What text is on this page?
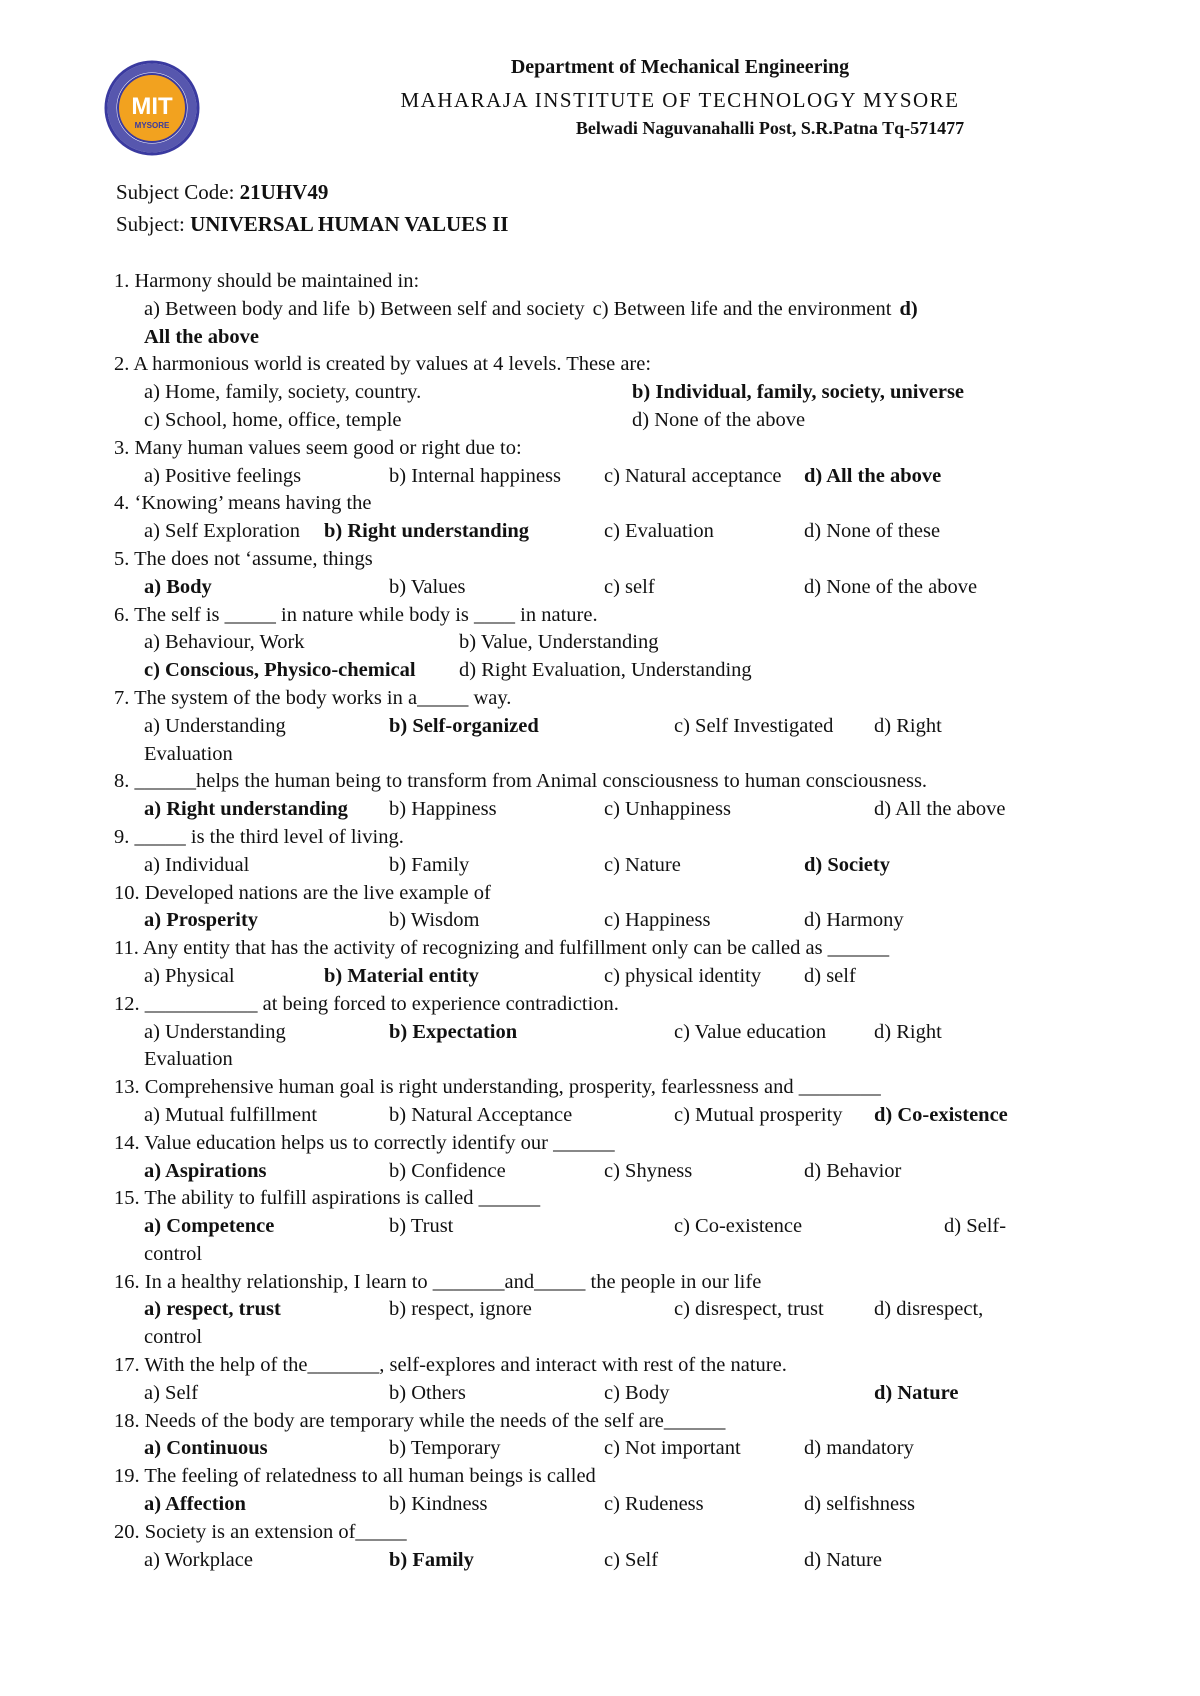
MIT
MYSORE
Department of Mechanical Engineering
MAHARAJA INSTITUTE OF TECHNOLOGY MYSORE
Belwadi Naguvanahalli Post, S.R.Patna Tq-571477
Subject Code: 21UHV49
Subject: UNIVERSAL HUMAN VALUES II
1. Harmony should be maintained in:
a) Between body and life b) Between self and society c) Between life and the environment d)
All the above
2. A harmonious world is created by values at 4 levels. These are:
a) Home, family, society, country.	b) Individual, family, society, universe
c) School, home, office, temple	d) None of the above
3. Many human values seem good or right due to:
a) Positive feelings	b) Internal happiness c) Natural acceptance d) All the above
4. ‘Knowing’ means having the
a) Self Exploration b) Right understanding	c) Evaluation	d) None of these
5. The does not ‘assume, things
a) Body	b) Values	c) self	d) None of the above
6. The self is _____ in nature while body is ____ in nature.
a) Behaviour, Work	b) Value, Understanding
c) Conscious, Physico-chemical d) Right Evaluation, Understanding
7. The system of the body works in a_____ way.
a) Understanding	b) Self-organized	c) Self Investigated d) Right
Evaluation
8. ______helps the human being to transform from Animal consciousness to human consciousness.
a) Right understanding b) Happiness	c) Unhappiness	d) All the above
9. _____ is the third level of living.
a) Individual	b) Family	c) Nature	d) Society
10. Developed nations are the live example of
a) Prosperity	b) Wisdom	c) Happiness	d) Harmony
11. Any entity that has the activity of recognizing and fulfillment only can be called as ______
a) Physical	b) Material entity	c) physical identity d) self
12. ___________ at being forced to experience contradiction.
a) Understanding	b) Expectation	c) Value education d) Right
Evaluation
13. Comprehensive human goal is right understanding, prosperity, fearlessness and ________
a) Mutual fulfillment	b) Natural Acceptance	c) Mutual prosperity d) Co-existence
14. Value education helps us to correctly identify our ______
a) Aspirations	b) Confidence	c) Shyness	d) Behavior
15. The ability to fulfill aspirations is called ______
a) Competence	b) Trust	c) Co-existence	d) Self-
control
16. In a healthy relationship, I learn to _______and_____ the people in our life
a) respect, trust	b) respect, ignore	c) disrespect, trust d) disrespect,
control
17. With the help of the_______, self-explores and interact with rest of the nature.
a) Self	b) Others	c) Body	d) Nature
18. Needs of the body are temporary while the needs of the self are______
a) Continuous	b) Temporary	c) Not important	d) mandatory
19. The feeling of relatedness to all human beings is called
a) Affection	b) Kindness	c) Rudeness	d) selfishness
20. Society is an extension of_____
a) Workplace	b) Family	c) Self	d) Nature
